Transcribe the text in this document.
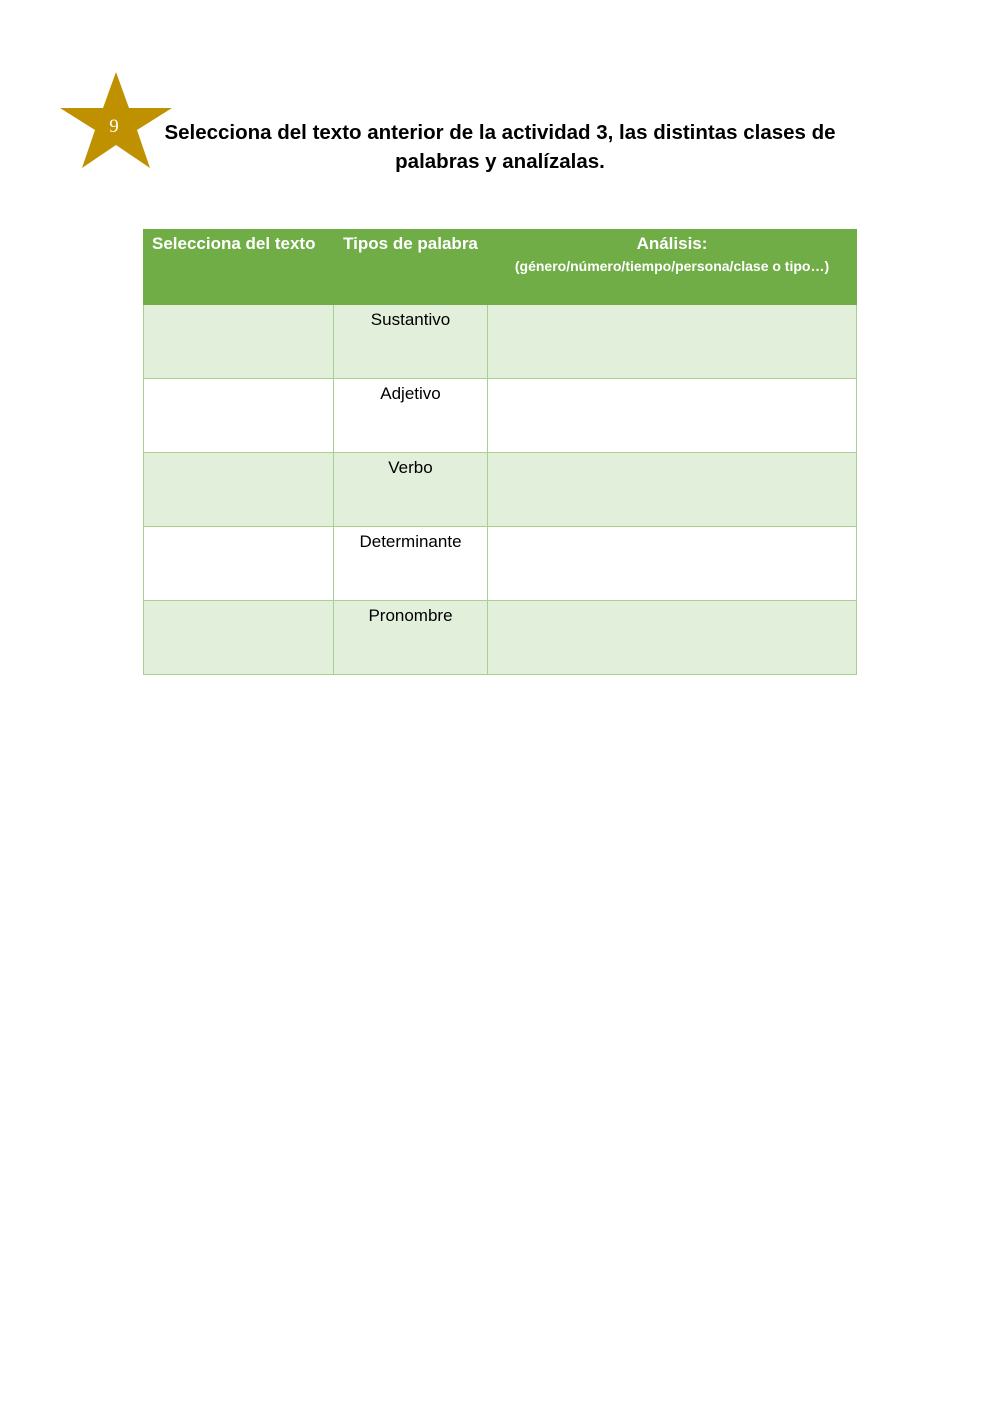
9	Selecciona del texto anterior de la actividad 3, las distintas clases de
palabras y analízalas.
Selecciona del texto	Tipos de palabra	Análisis:
(género/número/tiempo/persona/clase o tipo…)

	Sustantivo	
	Adjetivo	
	Verbo	
	Determinante	
	Pronombre	
